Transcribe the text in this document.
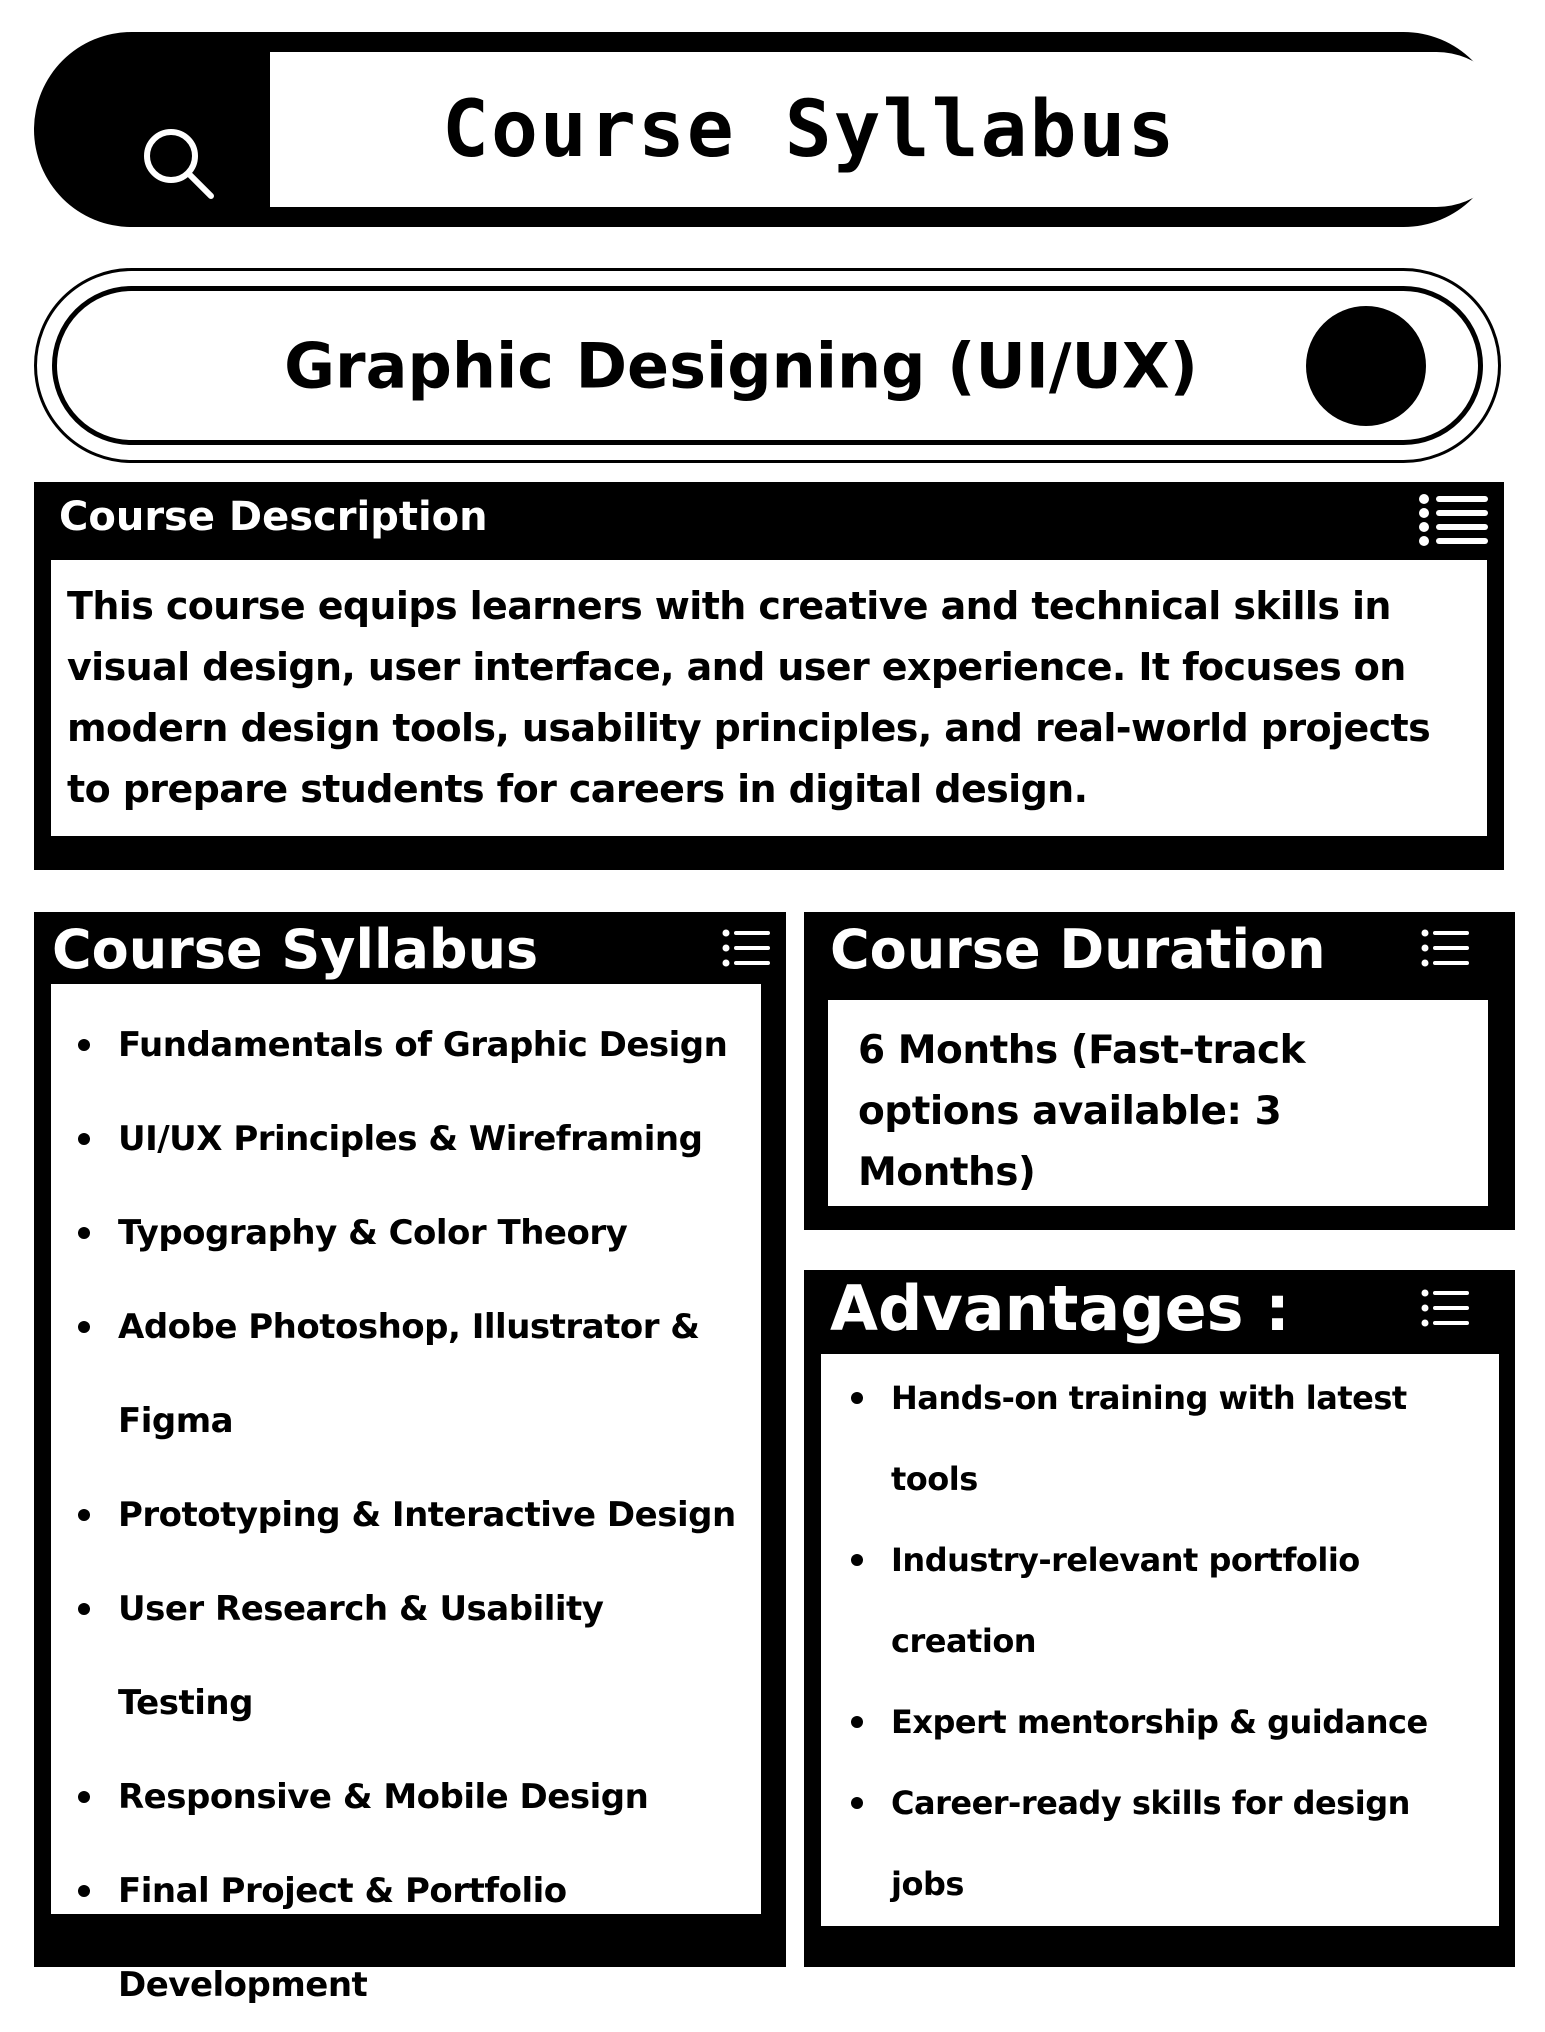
Course Syllabus
Graphic Designing (UI/UX)
Course Description
This course equips learners with creative and technical skills in visual design, user interface, and user experience. It focuses on modern design tools, usability principles, and real-world projects to prepare students for careers in digital design.
Course Syllabus
Fundamentals of Graphic Design
UI/UX Principles & Wireframing
Typography & Color Theory
Adobe Photoshop, Illustrator & Figma
Prototyping & Interactive Design
User Research & Usability Testing
Responsive & Mobile Design
Final Project & Portfolio Development
Course Duration
6 Months (Fast-track options available: 3 Months)
Advantages :
Hands-on training with latest tools
Industry-relevant portfolio creation
Expert mentorship & guidance
Career-ready skills for design jobs
